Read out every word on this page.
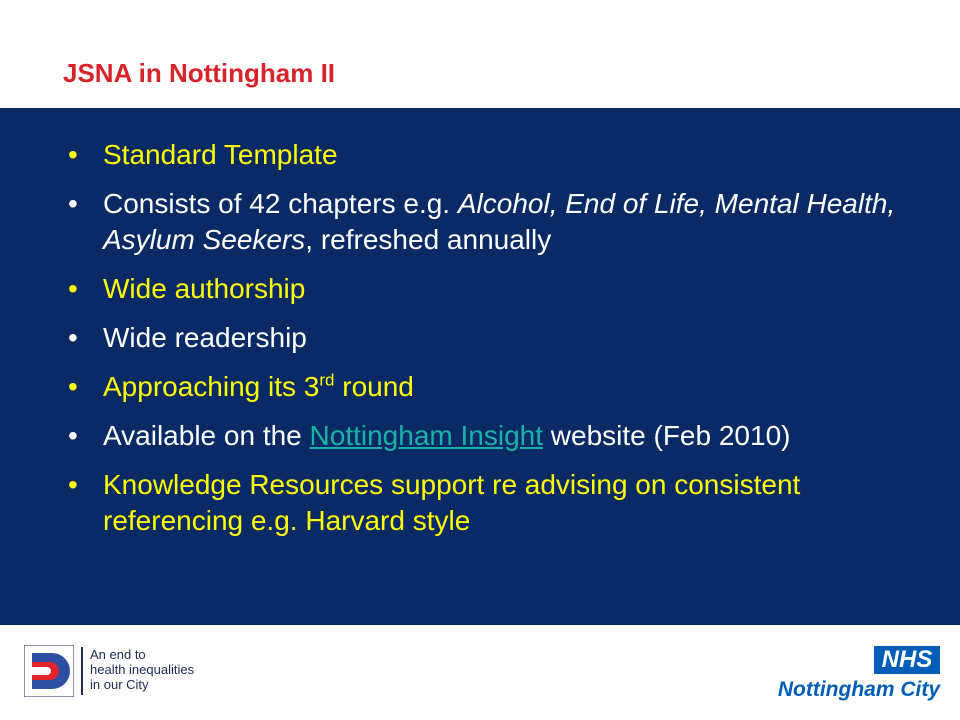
JSNA in Nottingham II
• Standard Template
• Consists of 42 chapters e.g. Alcohol, End of Life, Mental Health, Asylum Seekers, refreshed annually
• Wide authorship
• Wide readership
• Approaching its 3rd round
• Available on the Nottingham Insight website (Feb 2010)
• Knowledge Resources support re advising on consistent referencing e.g. Harvard style
An end to
health inequalities
in our City
NHS
Nottingham City
